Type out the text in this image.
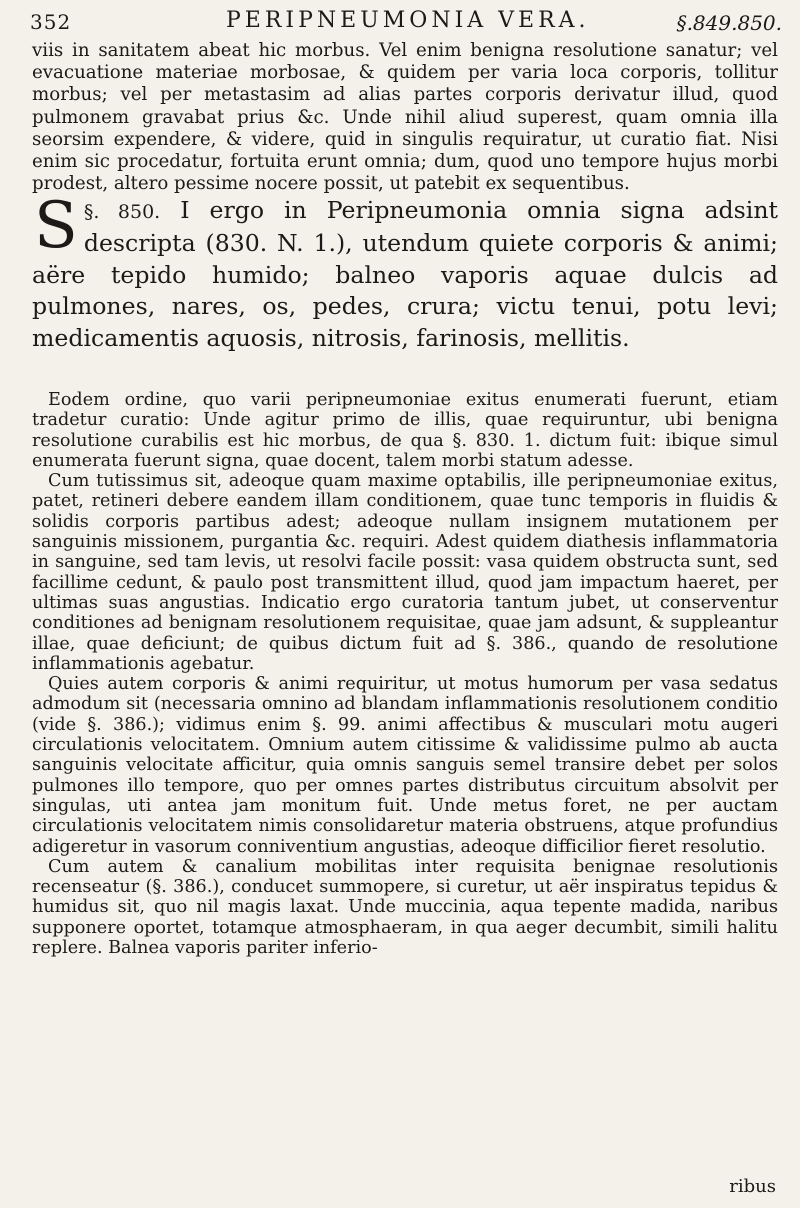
352	PERIPNEUMONIA VERA.	§.849.850.
viis in sanitatem abeat hic morbus. Vel enim benigna resolutione sanatur; vel evacuatione materiae morbosae, & quidem per varia loca corporis, tollitur morbus; vel per metastasim ad alias partes corporis derivatur illud, quod pulmonem gravabat prius &c. Unde nihil aliud superest, quam omnia illa seorsim expendere, & videre, quid in singulis requiratur, ut curatio fiat. Nisi enim sic procedatur, fortuita erunt omnia; dum, quod uno tempore hujus morbi prodest, altero pessime nocere possit, ut patebit ex sequentibus.
§. 850.
S	I ergo in Peripneumonia omnia signa adsint descripta (830. N. 1.), utendum quiete corporis & animi; aëre tepido humido; balneo vaporis aquae dulcis ad pulmones, nares, os, pedes, crura; victu tenui, potu levi; medicamentis aquosis, nitrosis, farinosis, mellitis.

Eodem ordine, quo varii peripneumoniae exitus enumerati fuerunt, etiam tradetur curatio: Unde agitur primo de illis, quae requiruntur, ubi benigna resolutione curabilis est hic morbus, de qua §. 830. 1. dictum fuit: ibique simul enumerata fuerunt signa, quae docent, talem morbi statum adesse.

Cum tutissimus sit, adeoque quam maxime optabilis, ille peripneumoniae exitus, patet, retineri debere eandem illam conditionem, quae tunc temporis in fluidis & solidis corporis partibus adest; adeoque nullam insignem mutationem per sanguinis missionem, purgantia &c. requiri. Adest quidem diathesis inflammatoria in sanguine, sed tam levis, ut resolvi facile possit: vasa quidem obstructa sunt, sed facillime cedunt, & paulo post transmittent illud, quod jam impactum haeret, per ultimas suas angustias. Indicatio ergo curatoria tantum jubet, ut conserventur conditiones ad benignam resolutionem requisitae, quae jam adsunt, & suppleantur illae, quae deficiunt; de quibus dictum fuit ad §. 386., quando de resolutione inflammationis agebatur.

Quies autem corporis & animi requiritur, ut motus humorum per vasa sedatus admodum sit (necessaria omnino ad blandam inflammationis resolutionem conditio (vide §. 386.); vidimus enim §. 99. animi affectibus & musculari motu augeri circulationis velocitatem. Omnium autem citissime & validissime pulmo ab aucta sanguinis velocitate afficitur, quia omnis sanguis semel transire debet per solos pulmones illo tempore, quo per omnes partes distributus circuitum absolvit per singulas, uti antea jam monitum fuit. Unde metus foret, ne per auctam circulationis velocitatem nimis consolidaretur materia obstruens, atque profundius adigeretur in vasorum conniventium angustias, adeoque difficilior fieret resolutio.

Cum autem & canalium mobilitas inter requisita benignae resolutionis recenseatur (§. 386.), conducet summopere, si curetur, ut aër inspiratus tepidus & humidus sit, quo nil magis laxat. Unde muccinia, aqua tepente madida, naribus supponere oportet, totamque atmosphaeram, in qua aeger decumbit, simili halitu replere. Balnea vaporis pariter inferio-

ribus
